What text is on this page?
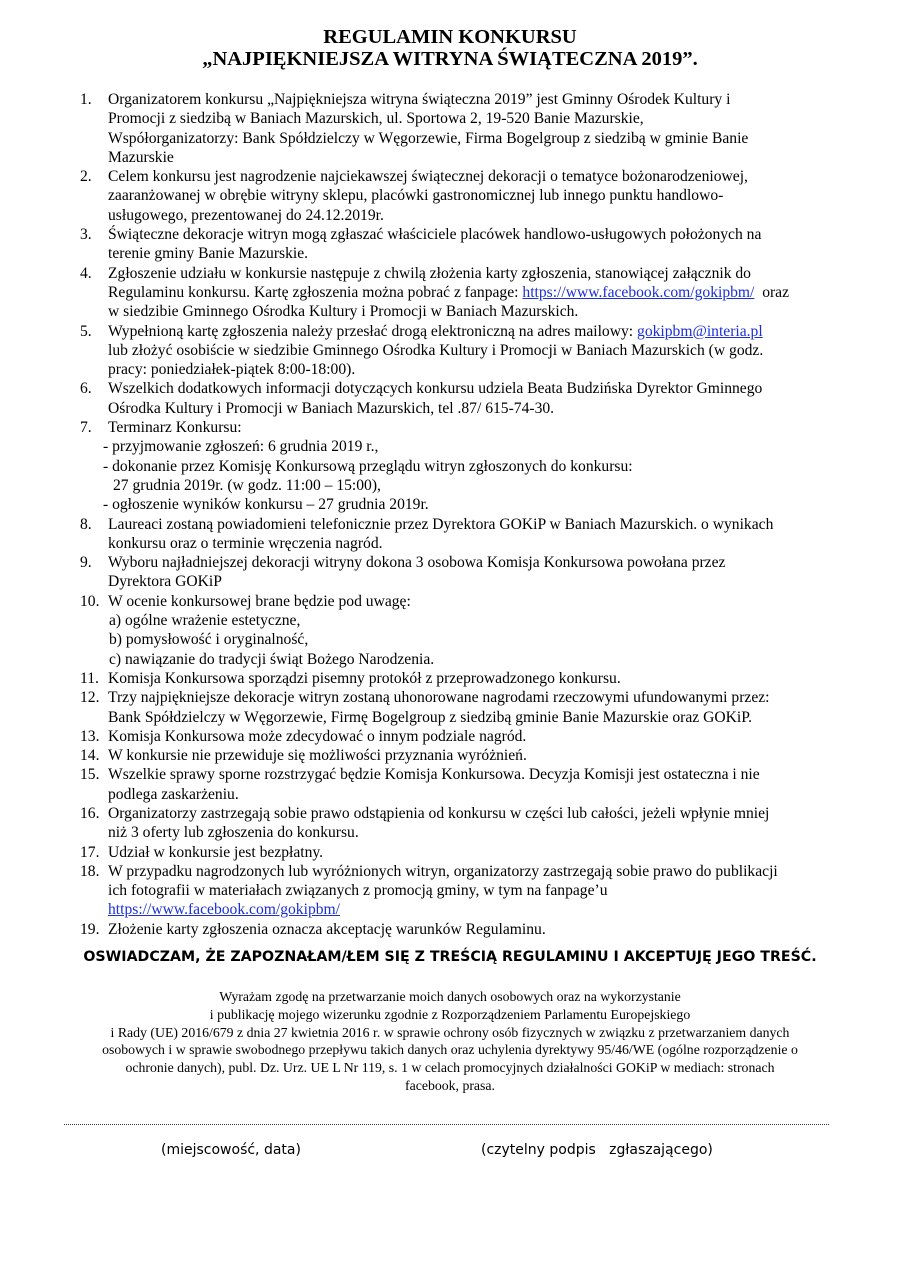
REGULAMIN KONKURSU
„NAJPIĘKNIEJSZA WITRYNA ŚWIĄTECZNA 2019”.
1. Organizatorem konkursu „Najpiękniejsza witryna świąteczna 2019” jest Gminny Ośrodek Kultury i
Promocji z siedzibą w Baniach Mazurskich, ul. Sportowa 2, 19-520 Banie Mazurskie,
Współorganizatorzy: Bank Spółdzielczy w Węgorzewie, Firma Bogelgroup z siedzibą w gminie Banie
Mazurskie
2. Celem konkursu jest nagrodzenie najciekawszej świątecznej dekoracji o tematyce bożonarodzeniowej,
zaaranżowanej w obrębie witryny sklepu, placówki gastronomicznej lub innego punktu handlowo-
usługowego, prezentowanej do 24.12.2019r.
3. Świąteczne dekoracje witryn mogą zgłaszać właściciele placówek handlowo-usługowych położonych na
terenie gminy Banie Mazurskie.
4. Zgłoszenie udziału w konkursie następuje z chwilą złożenia karty zgłoszenia, stanowiącej załącznik do
Regulaminu konkursu. Kartę zgłoszenia można pobrać z fanpage: https://www.facebook.com/gokipbm/  oraz
w siedzibie Gminnego Ośrodka Kultury i Promocji w Baniach Mazurskich.
5. Wypełnioną kartę zgłoszenia należy przesłać drogą elektroniczną na adres mailowy: gokipbm@interia.pl
lub złożyć osobiście w siedzibie Gminnego Ośrodka Kultury i Promocji w Baniach Mazurskich (w godz.
pracy: poniedziałek-piątek 8:00-18:00).
6. Wszelkich dodatkowych informacji dotyczących konkursu udziela Beata Budzińska Dyrektor Gminnego
Ośrodka Kultury i Promocji w Baniach Mazurskich, tel .87/ 615-74-30.
7. Terminarz Konkursu:
- przyjmowanie zgłoszeń: 6 grudnia 2019 r.,
- dokonanie przez Komisję Konkursową przeglądu witryn zgłoszonych do konkursu:
27 grudnia 2019r. (w godz. 11:00 – 15:00),
- ogłoszenie wyników konkursu – 27 grudnia 2019r.
8. Laureaci zostaną powiadomieni telefonicznie przez Dyrektora GOKiP w Baniach Mazurskich. o wynikach
konkursu oraz o terminie wręczenia nagród.
9. Wyboru najładniejszej dekoracji witryny dokona 3 osobowa Komisja Konkursowa powołana przez
Dyrektora GOKiP
10. W ocenie konkursowej brane będzie pod uwagę:
a) ogólne wrażenie estetyczne,
b) pomysłowość i oryginalność,
c) nawiązanie do tradycji świąt Bożego Narodzenia.
11. Komisja Konkursowa sporządzi pisemny protokół z przeprowadzonego konkursu.
12. Trzy najpiękniejsze dekoracje witryn zostaną uhonorowane nagrodami rzeczowymi ufundowanymi przez:
Bank Spółdzielczy w Węgorzewie, Firmę Bogelgroup z siedzibą gminie Banie Mazurskie oraz GOKiP.
13. Komisja Konkursowa może zdecydować o innym podziale nagród.
14. W konkursie nie przewiduje się możliwości przyznania wyróżnień.
15. Wszelkie sprawy sporne rozstrzygać będzie Komisja Konkursowa. Decyzja Komisji jest ostateczna i nie
podlega zaskarżeniu.
16. Organizatorzy zastrzegają sobie prawo odstąpienia od konkursu w części lub całości, jeżeli wpłynie mniej
niż 3 oferty lub zgłoszenia do konkursu.
17. Udział w konkursie jest bezpłatny.
18. W przypadku nagrodzonych lub wyróżnionych witryn, organizatorzy zastrzegają sobie prawo do publikacji
ich fotografii w materiałach związanych z promocją gminy, w tym na fanpage’u
https://www.facebook.com/gokipbm/
19. Złożenie karty zgłoszenia oznacza akceptację warunków Regulaminu.
OSWIADCZAM, ŻE ZAPOZNAŁAM/ŁEM SIĘ Z TREŚCIĄ REGULAMINU I AKCEPTUJĘ JEGO TREŚĆ.
Wyrażam zgodę na przetwarzanie moich danych osobowych oraz na wykorzystanie
i publikację mojego wizerunku zgodnie z Rozporządzeniem Parlamentu Europejskiego
i Rady (UE) 2016/679 z dnia 27 kwietnia 2016 r. w sprawie ochrony osób fizycznych w związku z przetwarzaniem danych
osobowych i w sprawie swobodnego przepływu takich danych oraz uchylenia dyrektywy 95/46/WE (ogólne rozporządzenie o
ochronie danych), publ. Dz. Urz. UE L Nr 119, s. 1 w celach promocyjnych działalności GOKiP w mediach: stronach
facebook, prasa.
(miejscowość, data)	(czytelny podpis   zgłaszającego)
